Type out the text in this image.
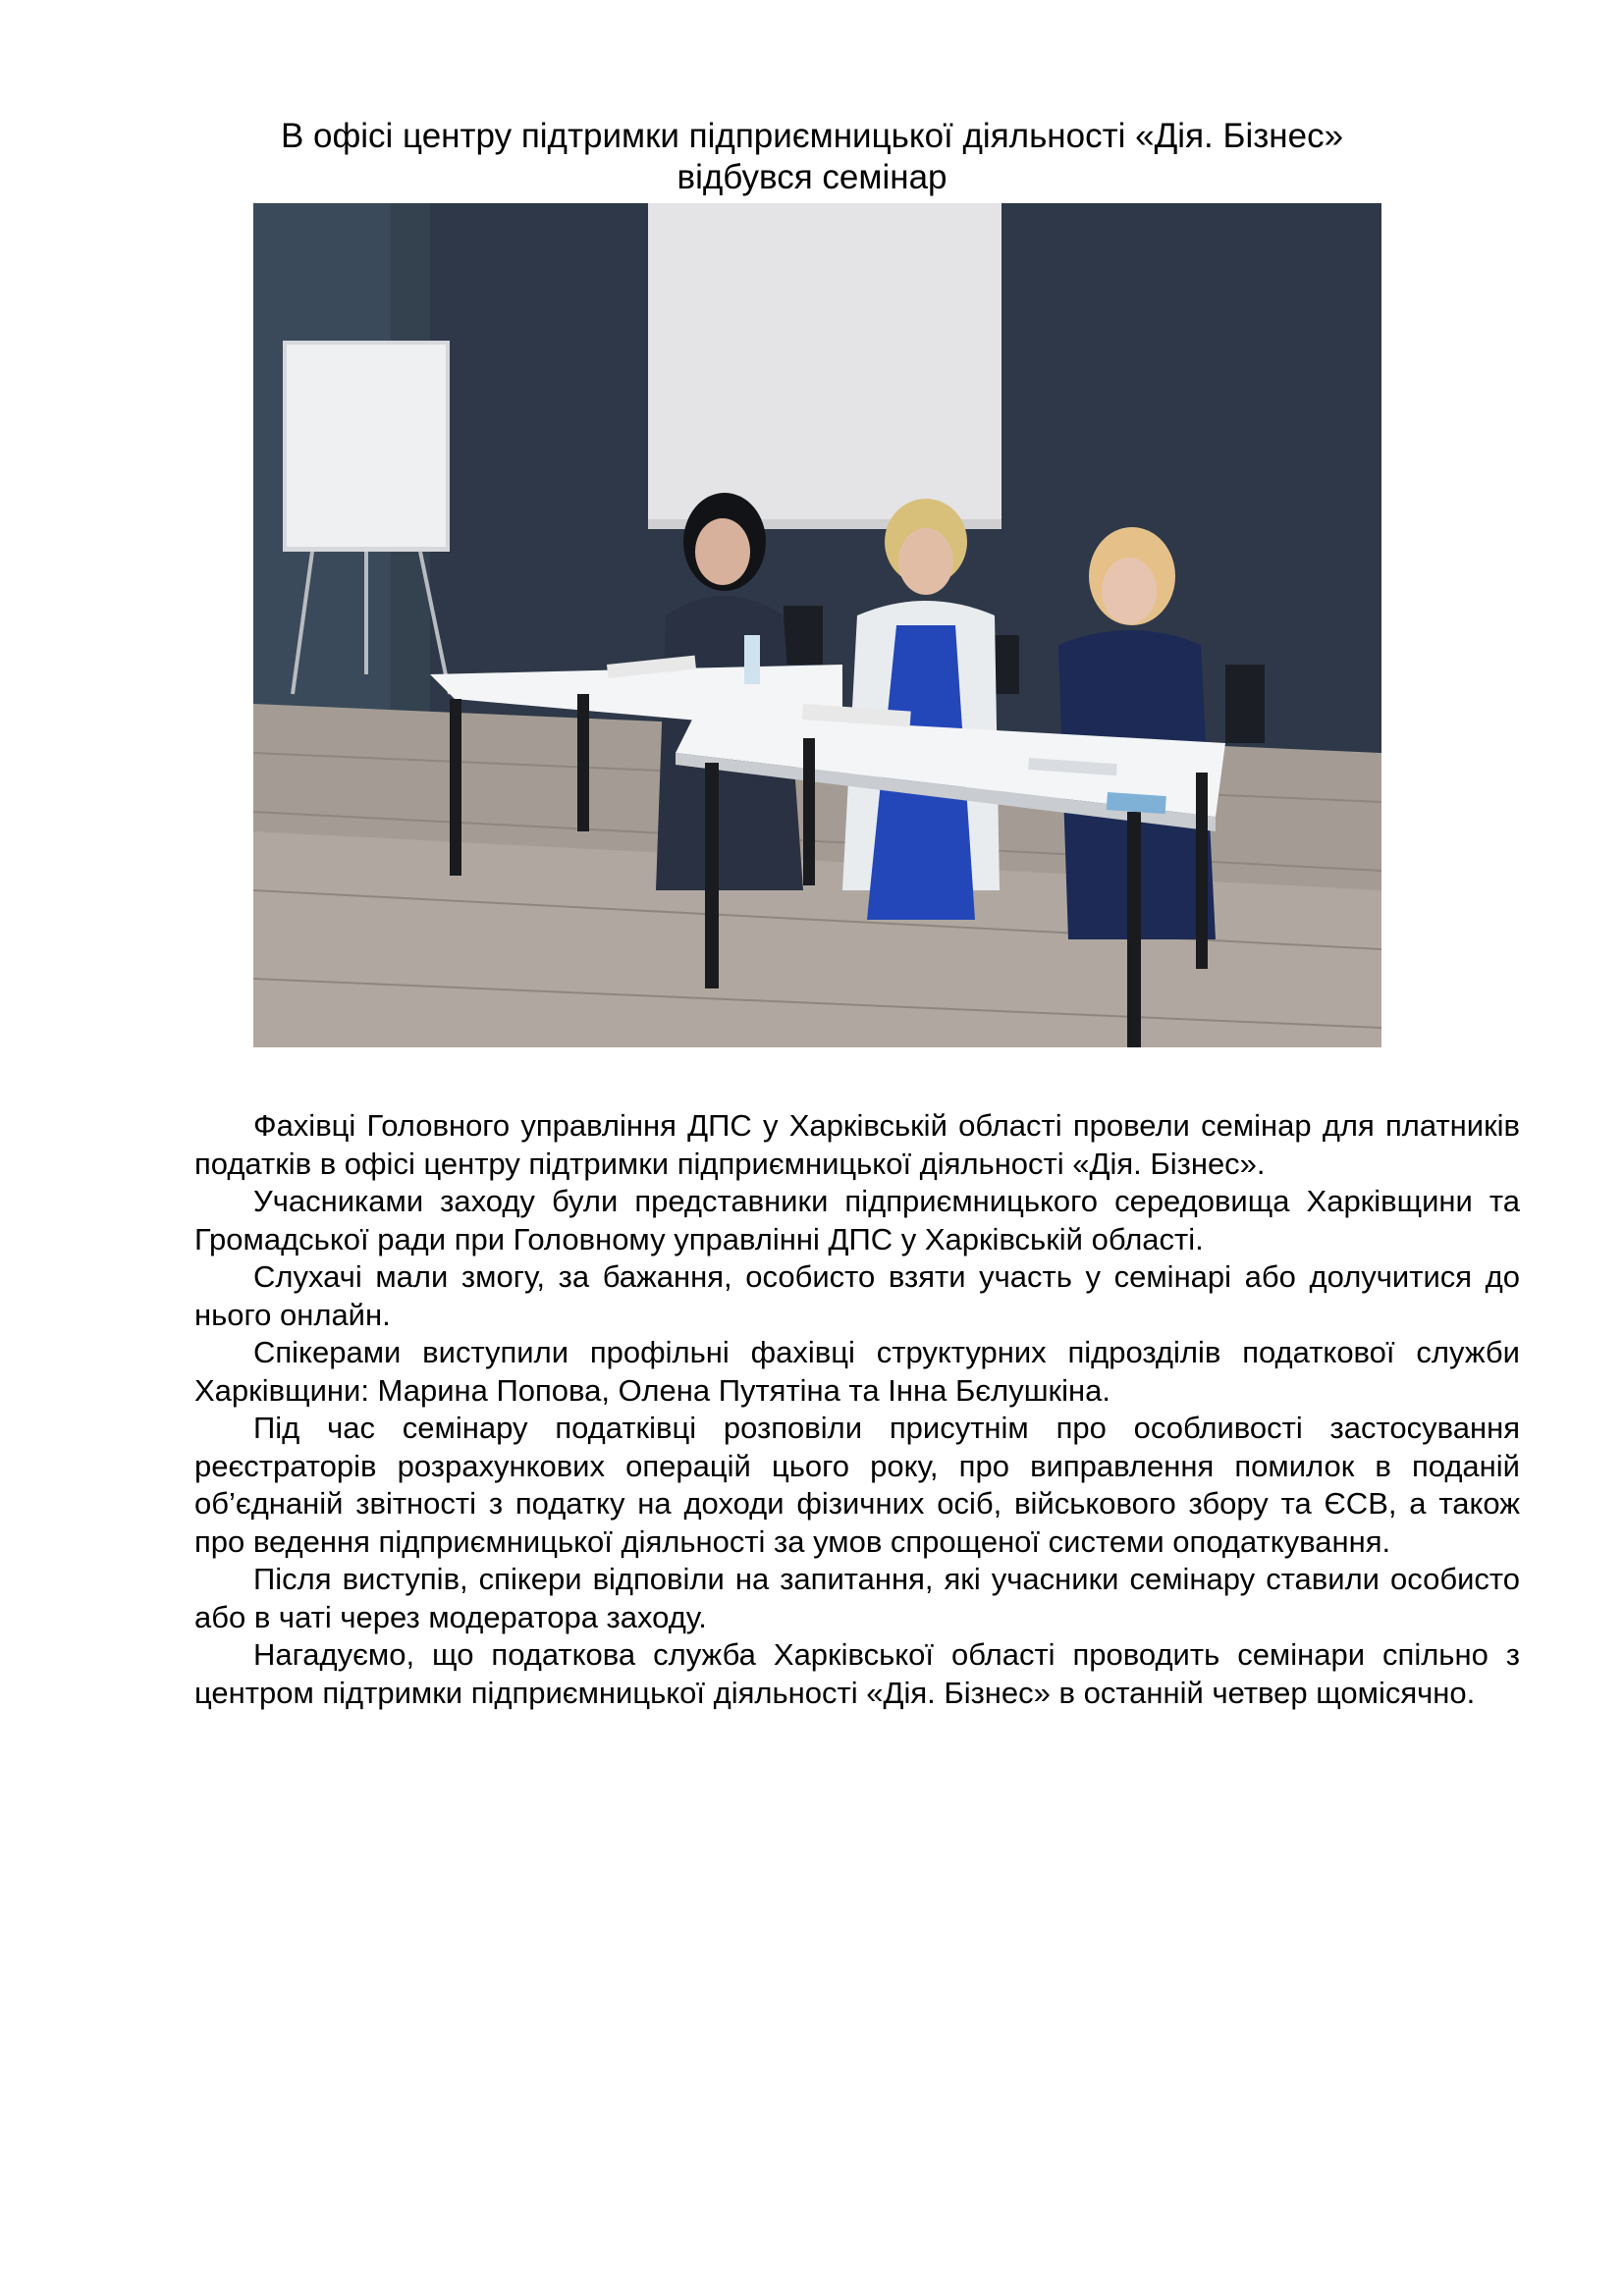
В офісі центру підтримки підприємницької діяльності «Дія. Бізнес»
відбувся семінар

Фахівці Головного управління ДПС у Харківській області провели семінар для платників податків в офісі центру підтримки підприємницької діяльності «Дія. Бізнес».

Учасниками заходу були представники підприємницького середовища Харківщини та Громадської ради при Головному управлінні ДПС у Харківській області.

Слухачі мали змогу, за бажання, особисто взяти участь у семінарі або долучитися до нього онлайн.

Спікерами виступили профільні фахівці структурних підрозділів податкової служби Харківщини: Марина Попова, Олена Путятіна та Інна Бєлушкіна.

Під час семінару податківці розповіли присутнім про особливості застосування реєстраторів розрахункових операцій цього року, про виправлення помилок в поданій об’єднаній звітності з податку на доходи фізичних осіб, військового збору та ЄСВ, а також про ведення підприємницької діяльності за умов спрощеної системи оподаткування.

Після виступів, спікери відповіли на запитання, які учасники семінару ставили особисто або в чаті через модератора заходу.

Нагадуємо, що податкова служба Харківської області проводить семінари спільно з центром підтримки підприємницької діяльності «Дія. Бізнес» в останній четвер щомісячно.
